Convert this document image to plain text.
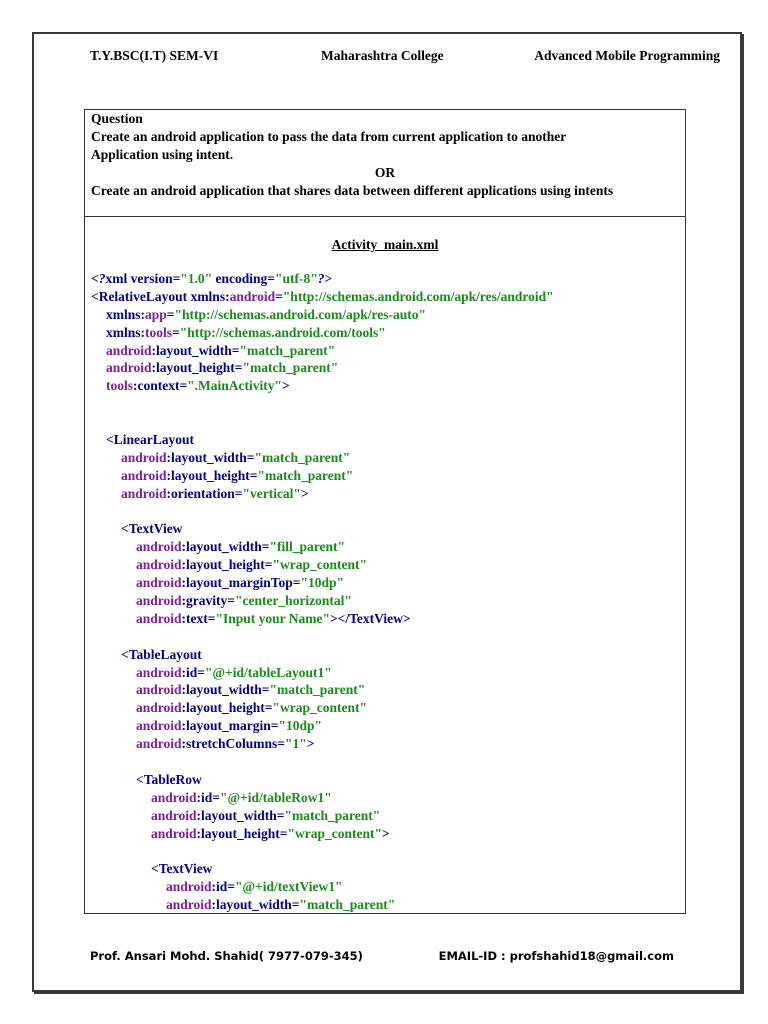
T.Y.BSC(I.T) SEM-VI	Maharashtra College	Advanced Mobile Programming
Question
Create an android application to pass the data from current application to another
Application using intent.
OR
Create an android application that shares data between different applications using intents
Activity_main.xml
<?xml version="1.0" encoding="utf-8"?>
<RelativeLayout xmlns:android="http://schemas.android.com/apk/res/android"
xmlns:app="http://schemas.android.com/apk/res-auto"
xmlns:tools="http://schemas.android.com/tools"
android:layout_width="match_parent"
android:layout_height="match_parent"
tools:context=".MainActivity">

<LinearLayout
android:layout_width="match_parent"
android:layout_height="match_parent"
android:orientation="vertical">

<TextView
android:layout_width="fill_parent"
android:layout_height="wrap_content"
android:layout_marginTop="10dp"
android:gravity="center_horizontal"
android:text="Input your Name"></TextView>

<TableLayout
android:id="@+id/tableLayout1"
android:layout_width="match_parent"
android:layout_height="wrap_content"
android:layout_margin="10dp"
android:stretchColumns="1">

<TableRow
android:id="@+id/tableRow1"
android:layout_width="match_parent"
android:layout_height="wrap_content">

<TextView
android:id="@+id/textView1"
android:layout_width="match_parent"
Prof. Ansari Mohd. Shahid( 7977-079-345)	EMAIL-ID : profshahid18@gmail.com
